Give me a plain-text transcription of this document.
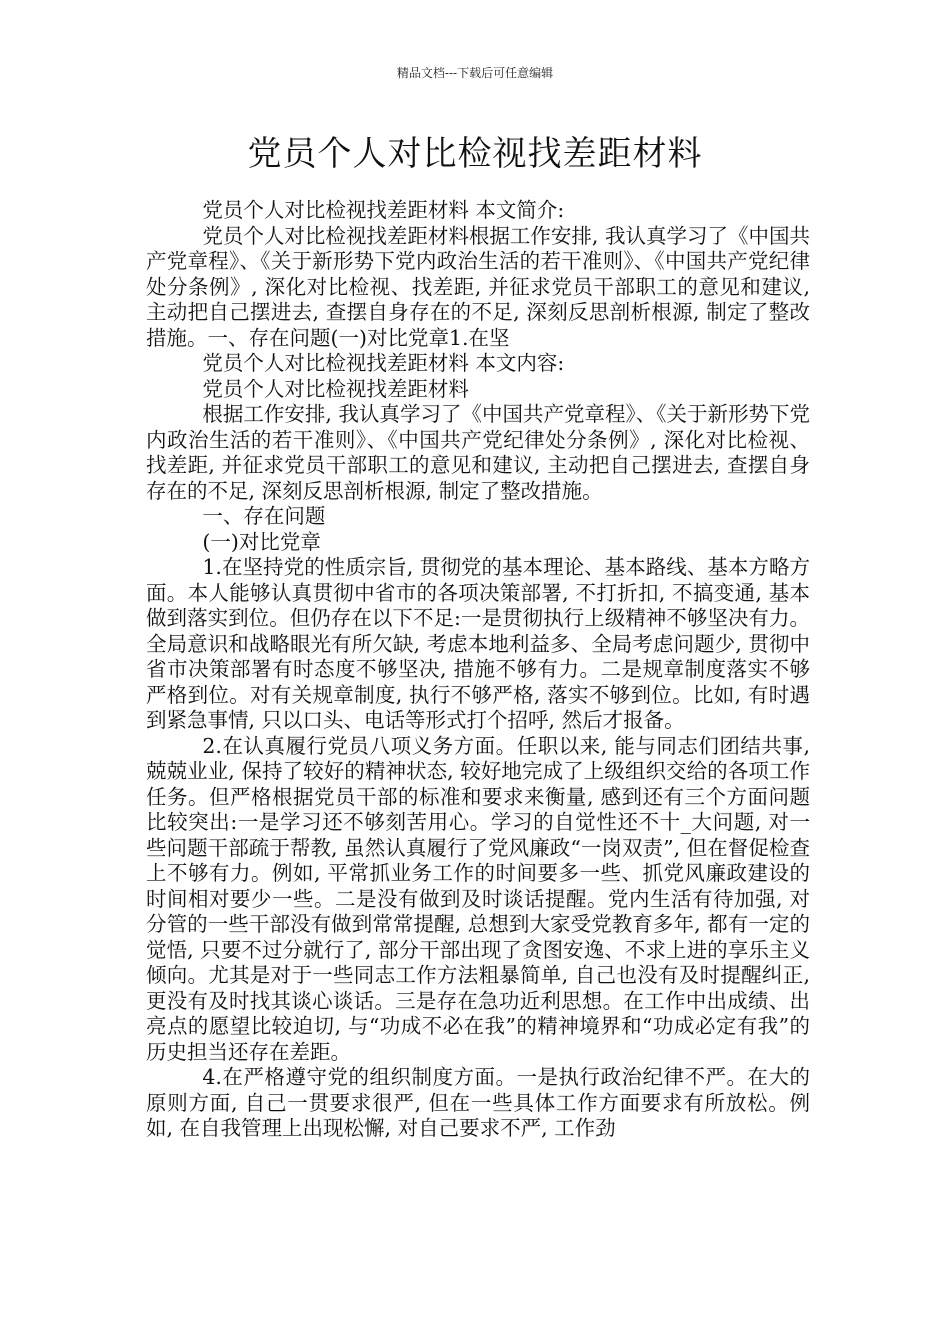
精品文档---下载后可任意编辑
党员个人对比检视找差距材料

党员个人对比检视找差距材料 本文简介:

党员个人对比检视找差距材料根据工作安排, 我认真学习了《中国共产党章程》、《关于新形势下党内政治生活的若干准则》、《中国共产党纪律处分条例》, 深化对比检视、找差距, 并征求党员干部职工的意见和建议, 主动把自己摆进去, 查摆自身存在的不足, 深刻反思剖析根源, 制定了整改措施。一、存在问题(一)对比党章1.在坚

党员个人对比检视找差距材料 本文内容:

党员个人对比检视找差距材料

根据工作安排, 我认真学习了《中国共产党章程》、《关于新形势下党内政治生活的若干准则》、《中国共产党纪律处分条例》, 深化对比检视、找差距, 并征求党员干部职工的意见和建议, 主动把自己摆进去, 查摆自身存在的不足, 深刻反思剖析根源, 制定了整改措施。

一、存在问题

(一)对比党章

1.在坚持党的性质宗旨, 贯彻党的基本理论、基本路线、基本方略方面。本人能够认真贯彻中省市的各项决策部署, 不打折扣, 不搞变通, 基本做到落实到位。但仍存在以下不足:一是贯彻执行上级精神不够坚决有力。全局意识和战略眼光有所欠缺, 考虑本地利益多、全局考虑问题少, 贯彻中省市决策部署有时态度不够坚决, 措施不够有力。二是规章制度落实不够严格到位。对有关规章制度, 执行不够严格, 落实不够到位。比如, 有时遇到紧急事情, 只以口头、电话等形式打个招呼, 然后才报备。

2.在认真履行党员八项义务方面。任职以来, 能与同志们团结共事, 兢兢业业, 保持了较好的精神状态, 较好地完成了上级组织交给的各项工作任务。但严格根据党员干部的标准和要求来衡量, 感到还有三个方面问题比较突出:一是学习还不够刻苦用心。学习的自觉性还不十_大问题, 对一些问题干部疏于帮教, 虽然认真履行了党风廉政“一岗双责”, 但在督促检查上不够有力。例如, 平常抓业务工作的时间要多一些、抓党风廉政建设的时间相对要少一些。二是没有做到及时谈话提醒。党内生活有待加强, 对分管的一些干部没有做到常常提醒, 总想到大家受党教育多年, 都有一定的觉悟, 只要不过分就行了, 部分干部出现了贪图安逸、不求上进的享乐主义倾向。尤其是对于一些同志工作方法粗暴简单, 自己也没有及时提醒纠正, 更没有及时找其谈心谈话。三是存在急功近利思想。在工作中出成绩、出亮点的愿望比较迫切, 与“功成不必在我”的精神境界和“功成必定有我”的历史担当还存在差距。

4.在严格遵守党的组织制度方面。一是执行政治纪律不严。在大的原则方面, 自己一贯要求很严, 但在一些具体工作方面要求有所放松。例如, 在自我管理上出现松懈, 对自己要求不严, 工作劲
